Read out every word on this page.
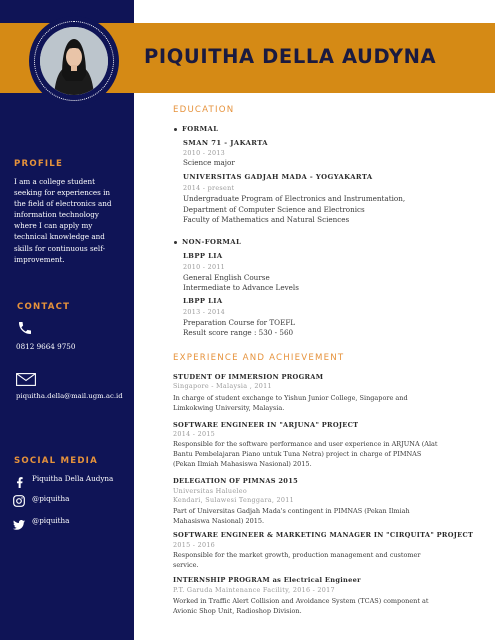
PIQUITHA DELLA AUDYNA
PROFILE
I am a college student seeking for experiences in the field of electronics and information technology where I can apply my technical knowledge and skills for continuous self-improvement.
CONTACT
0812 9664 9750
piquitha.della@mail.ugm.ac.id
SOCIAL MEDIA
Piquitha Della Audyna
@piquitha
@piquitha
EDUCATION
FORMAL
SMAN 71 - JAKARTA
2010 - 2013
Science major
UNIVERSITAS GADJAH MADA - YOGYAKARTA
2014 - present
Undergraduate Program of Electronics and Instrumentation,
Department of Computer Science and Electronics
Faculty of Mathematics and Natural Sciences
NON-FORMAL
LBPP LIA
2010 - 2011
General English Course
Intermediate to Advance Levels
LBPP LIA
2013 - 2014
Preparation Course for TOEFL
Result score range : 530 - 560
EXPERIENCE AND ACHIEVEMENT
STUDENT OF IMMERSION PROGRAM
Singapore - Malaysia , 2011
In charge of student exchange to Yishun Junior College, Singapore and Limkokwing University, Malaysia.
SOFTWARE ENGINEER IN "ARJUNA" PROJECT
2014 - 2015
Responsible for the software performance and user experience in ARJUNA (Alat Bantu Pembelajaran Piano untuk Tuna Netra) project in charge of PIMNAS (Pekan Ilmiah Mahasiswa Nasional) 2015.
DELEGATION OF PIMNAS 2015
Universitas Halueleo
Kendari, Sulawesi Tenggara, 2011
Part of Universitas Gadjah Mada's contingent in PIMNAS (Pekan Ilmiah Mahasiswa Nasional) 2015.
SOFTWARE ENGINEER & MARKETING MANAGER IN "CIRQUITA" PROJECT
2015 - 2016
Responsible for the market growth, production management and customer service.
INTERNSHIP PROGRAM as Electrical Engineer
P.T. Garuda Maintenance Facility, 2016 - 2017
Worked in Traffic Alert Collision and Avoidance System (TCAS) component at Avionic Shop Unit, Radioshop Division.
